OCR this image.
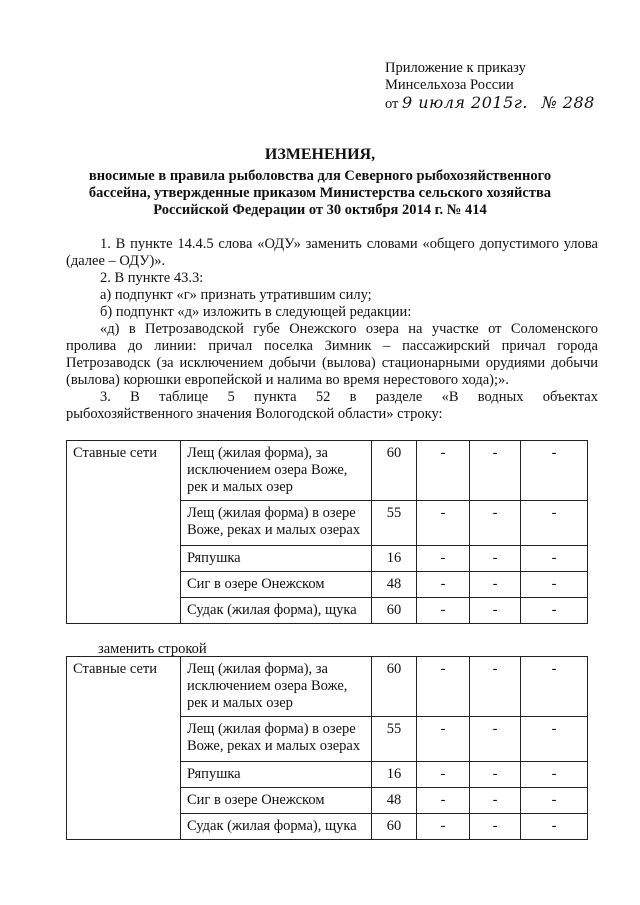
Приложение к приказу
Минсельхоза России
от 9 июля 2015г. № 288
ИЗМЕНЕНИЯ,
вносимые в правила рыболовства для Северного рыбохозяйственного бассейна, утвержденные приказом Министерства сельского хозяйства Российской Федерации от 30 октября 2014 г. № 414

1. В пункте 14.4.5 слова «ОДУ» заменить словами «общего допустимого улова (далее – ОДУ)».

2. В пункте 43.3:

а) подпункт «г» признать утратившим силу;

б) подпункт «д» изложить в следующей редакции:

«д) в Петрозаводской губе Онежского озера на участке от Соломенского пролива до линии: причал поселка Зимник – пассажирский причал города Петрозаводск (за исключением добычи (вылова) стационарными орудиями добычи (вылова) корюшки европейской и налима во время нерестового хода);».

3. В таблице 5 пункта 52 в разделе «В водных объектах

рыбохозяйственного значения Вологодской области» строку:

Ставные сети	Лещ (жилая форма), за исключением озера Воже, рек и малых озер	60	-	-	-
	Лещ (жилая форма) в озере Воже, реках и малых озерах	55	-	-	-
	Ряпушка	16	-	-	-
	Сиг в озере Онежском	48	-	-	-
	Судак (жилая форма), щука	60	-	-	-
заменить строкой
Ставные сети	Лещ (жилая форма), за исключением озера Воже, рек и малых озер	60	-	-	-
	Лещ (жилая форма) в озере Воже, реках и малых озерах	55	-	-	-
	Ряпушка	16	-	-	-
	Сиг в озере Онежском	48	-	-	-
	Судак (жилая форма), щука	60	-	-	-
